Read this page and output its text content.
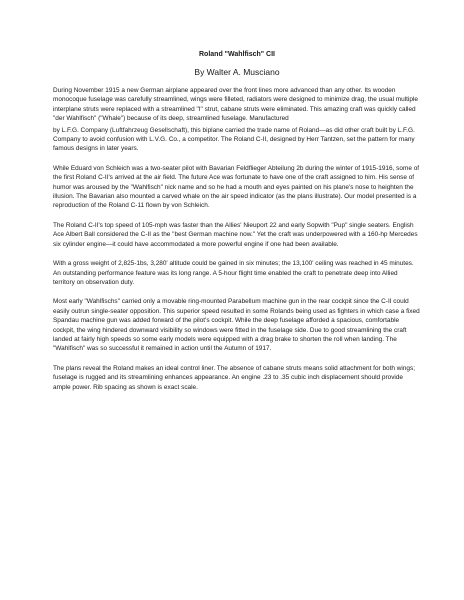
Roland "Wahlfisch" CII
By Walter A. Musciano

During November 1915 a new German airplane appeared over the front lines more advanced than any other. Its wooden monocoque fuselage was carefully streamlined, wings were filleted, radiators were designed to minimize drag, the usual multiple interplane struts were replaced with a streamlined "I" strut, cabane struts were eliminated. This amazing craft was quickly called "der Wahlfisch" ("Whale") because of its deep, streamlined fuselage. Manufactured

by L.F.G. Company (Luftfahrzeug Gesellschaft), this biplane carried the trade name of Roland—as did other craft built by L.F.G. Company to avoid confusion with L.V.G. Co., a competitor. The Roland C-II, designed by Herr Tantzen, set the pattern for many famous designs in later years.

While Eduard von Schleich was a two-seater pilot with Bavarian Feldflieger Abteilung 2b during the winter of 1915-1916, some of the first Roland C-II's arrived at the air field. The future Ace was fortunate to have one of the craft assigned to him. His sense of humor was aroused by the "Wahlfisch" nick name and so he had a mouth and eyes painted on his plane's nose to heighten the illusion. The Bavarian also mounted a carved whale on the air speed indicator (as the plans illustrate). Our model presented is a reproduction of the Roland C-11 flown by von Schleich.

The Roland C-II's top speed of 105-mph was faster than the Allies' Nieuport 22 and early Sopwith "Pup" single seaters. English Ace Albert Ball considered the C-II as the "best German machine now." Yet the craft was underpowered with a 160-hp Mercedes six cylinder engine—it could have accommodated a more powerful engine if one had been available.

With a gross weight of 2,825-1bs, 3,280' altitude could be gained in six minutes; the 13,100' ceiling was reached in 45 minutes. An outstanding performance feature was its long range. A 5-hour flight time enabled the craft to penetrate deep into Allied territory on observation duty.

Most early "Wahlfischs" carried only a movable ring-mounted Parabellum machine gun in the rear cockpit since the C-II could easily outrun single-seater opposition. This superior speed resulted in some Rolands being used as fighters in which case a fixed Spandau machine gun was added forward of the pilot's cockpit. While the deep fuselage afforded a spacious, comfortable cockpit, the wing hindered downward visibility so windows were fitted in the fuselage side. Due to good streamlining the craft landed at fairly high speeds so some early models were equipped with a drag brake to shorten the roll when landing. The "Wahlfisch" was so successful it remained in action until the Autumn of 1917.

The plans reveal the Roland makes an ideal control liner. The absence of cabane struts means solid attachment for both wings; fuselage is rugged and its streamlining enhances appearance. An engine .23 to .35 cubic inch displacement should provide ample power. Rib spacing as shown is exact scale.
